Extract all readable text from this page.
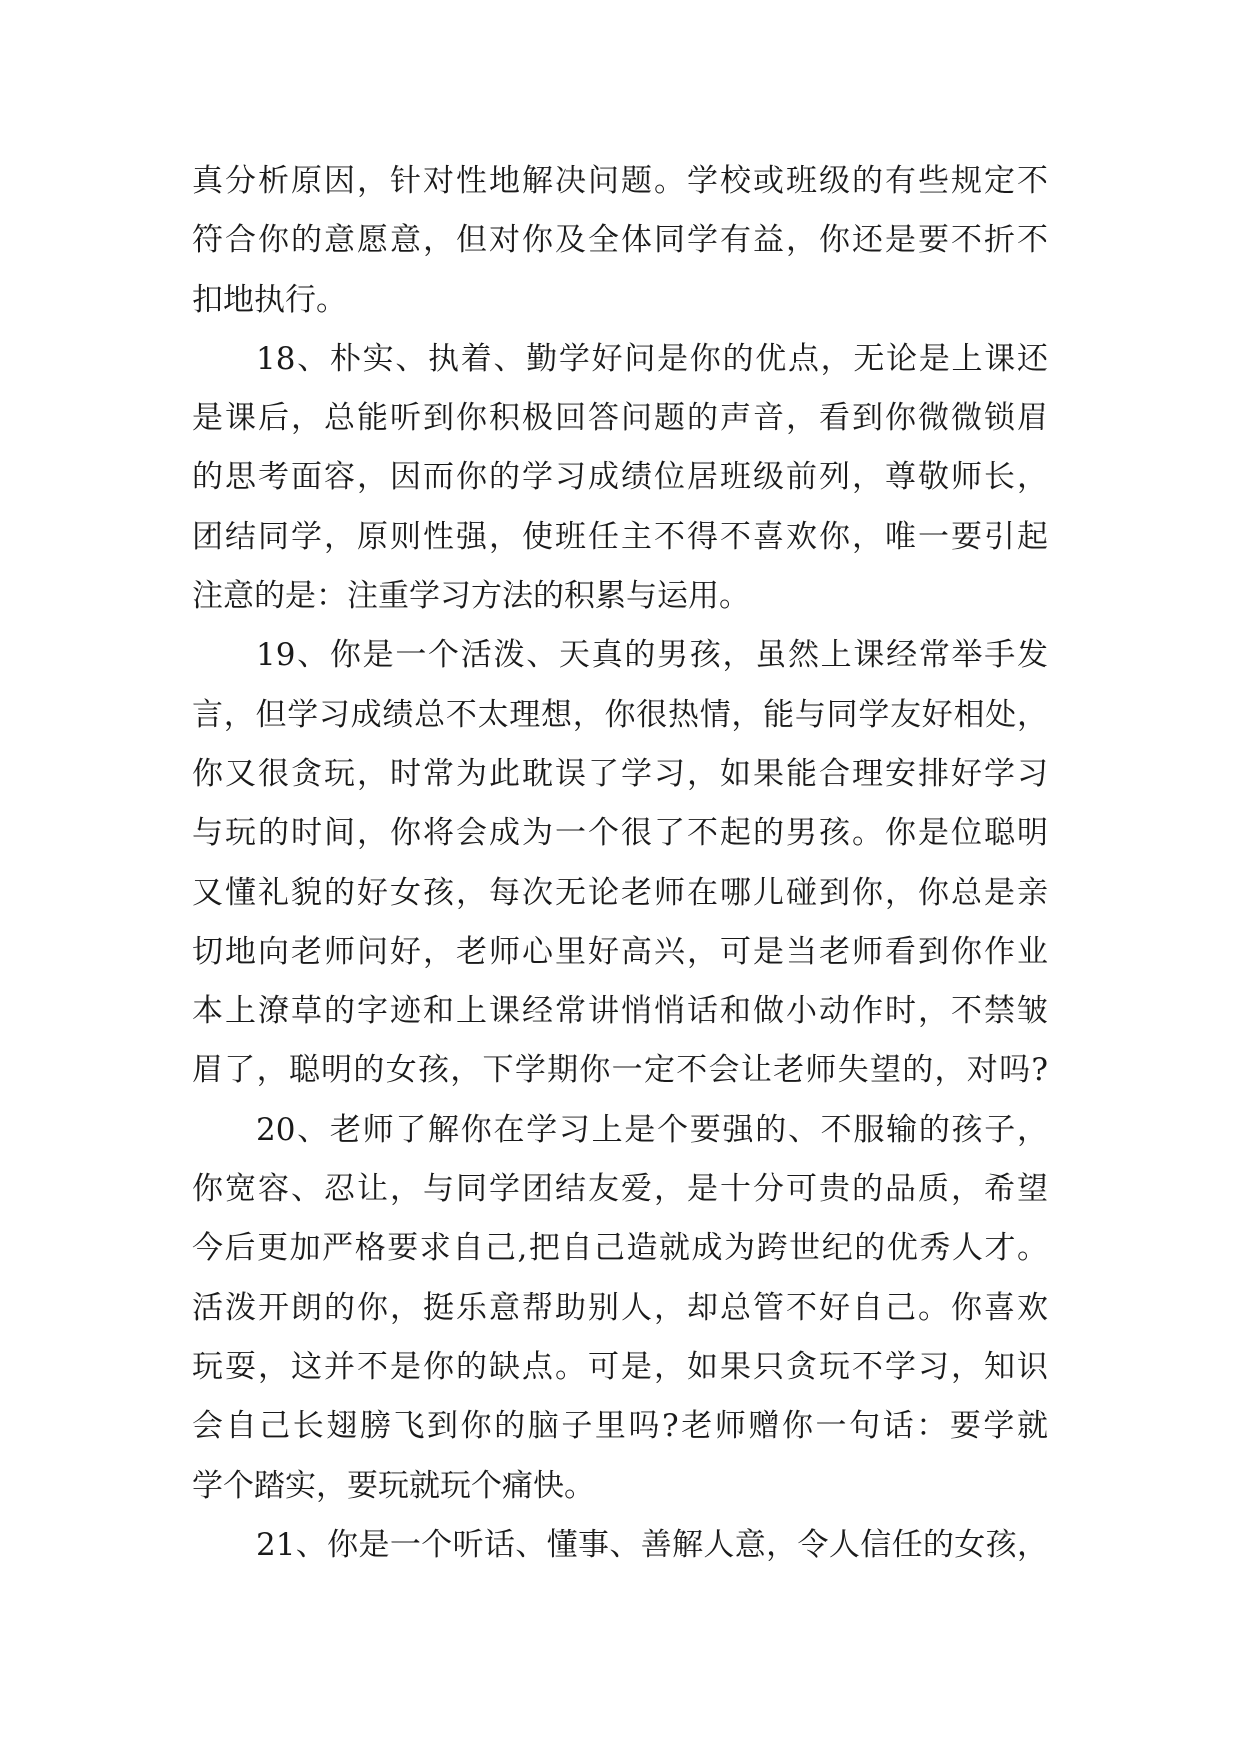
真分析原因，针对性地解决问题。学校或班级的有些规定不
符合你的意愿意，但对你及全体同学有益，你还是要不折不
扣地执行。
18、朴实、执着、勤学好问是你的优点，无论是上课还
是课后，总能听到你积极回答问题的声音，看到你微微锁眉
的思考面容，因而你的学习成绩位居班级前列，尊敬师长，
团结同学，原则性强，使班任主不得不喜欢你，唯一要引起
注意的是：注重学习方法的积累与运用。
19、你是一个活泼、天真的男孩，虽然上课经常举手发
言，但学习成绩总不太理想，你很热情，能与同学友好相处，
你又很贪玩，时常为此耽误了学习，如果能合理安排好学习
与玩的时间，你将会成为一个很了不起的男孩。你是位聪明
又懂礼貌的好女孩，每次无论老师在哪儿碰到你，你总是亲
切地向老师问好，老师心里好高兴，可是当老师看到你作业
本上潦草的字迹和上课经常讲悄悄话和做小动作时，不禁皱
眉了，聪明的女孩，下学期你一定不会让老师失望的，对吗?
20、老师了解你在学习上是个要强的、不服输的孩子，
你宽容、忍让，与同学团结友爱，是十分可贵的品质，希望
今后更加严格要求自己,把自己造就成为跨世纪的优秀人才。
活泼开朗的你，挺乐意帮助别人，却总管不好自己。你喜欢
玩耍，这并不是你的缺点。可是，如果只贪玩不学习，知识
会自己长翅膀飞到你的脑子里吗?老师赠你一句话：要学就
学个踏实，要玩就玩个痛快。
21、你是一个听话、懂事、善解人意，令人信任的女孩，
